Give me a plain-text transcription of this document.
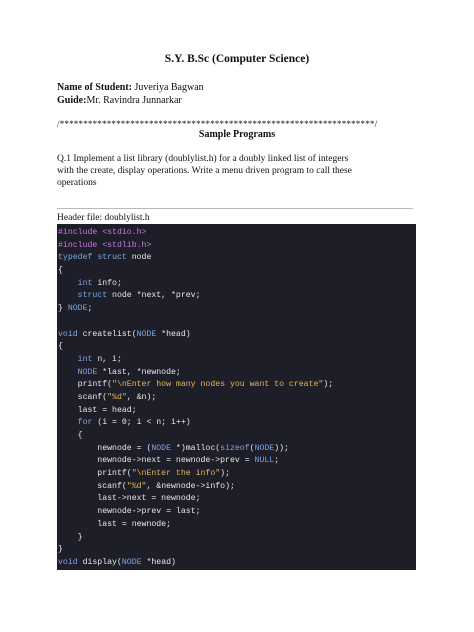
S.Y. B.Sc (Computer Science)
Name of Student: Juveriya Bagwan
Guide:Mr. Ravindra Junnarkar
/*******************************************************************/
Sample Programs
Q.1 Implement a list library (doublylist.h) for a doubly linked list of integers with the create, display operations. Write a menu driven program to call these operations
Header file: doublylist.h
#include <stdio.h>
#include <stdlib.h>
typedef struct node
{
int info;
struct node *next, *prev;
} NODE;

void createlist(NODE *head)
{
int n, i;
NODE *last, *newnode;
printf("\nEnter how many nodes you want to create");
scanf("%d", &n);
last = head;
for (i = 0; i < n; i++)
{
newnode = (NODE *)malloc(sizeof(NODE));
newnode->next = newnode->prev = NULL;
printf("\nEnter the info");
scanf("%d", &newnode->info);
last->next = newnode;
newnode->prev = last;
last = newnode;
}
}
void display(NODE *head)
